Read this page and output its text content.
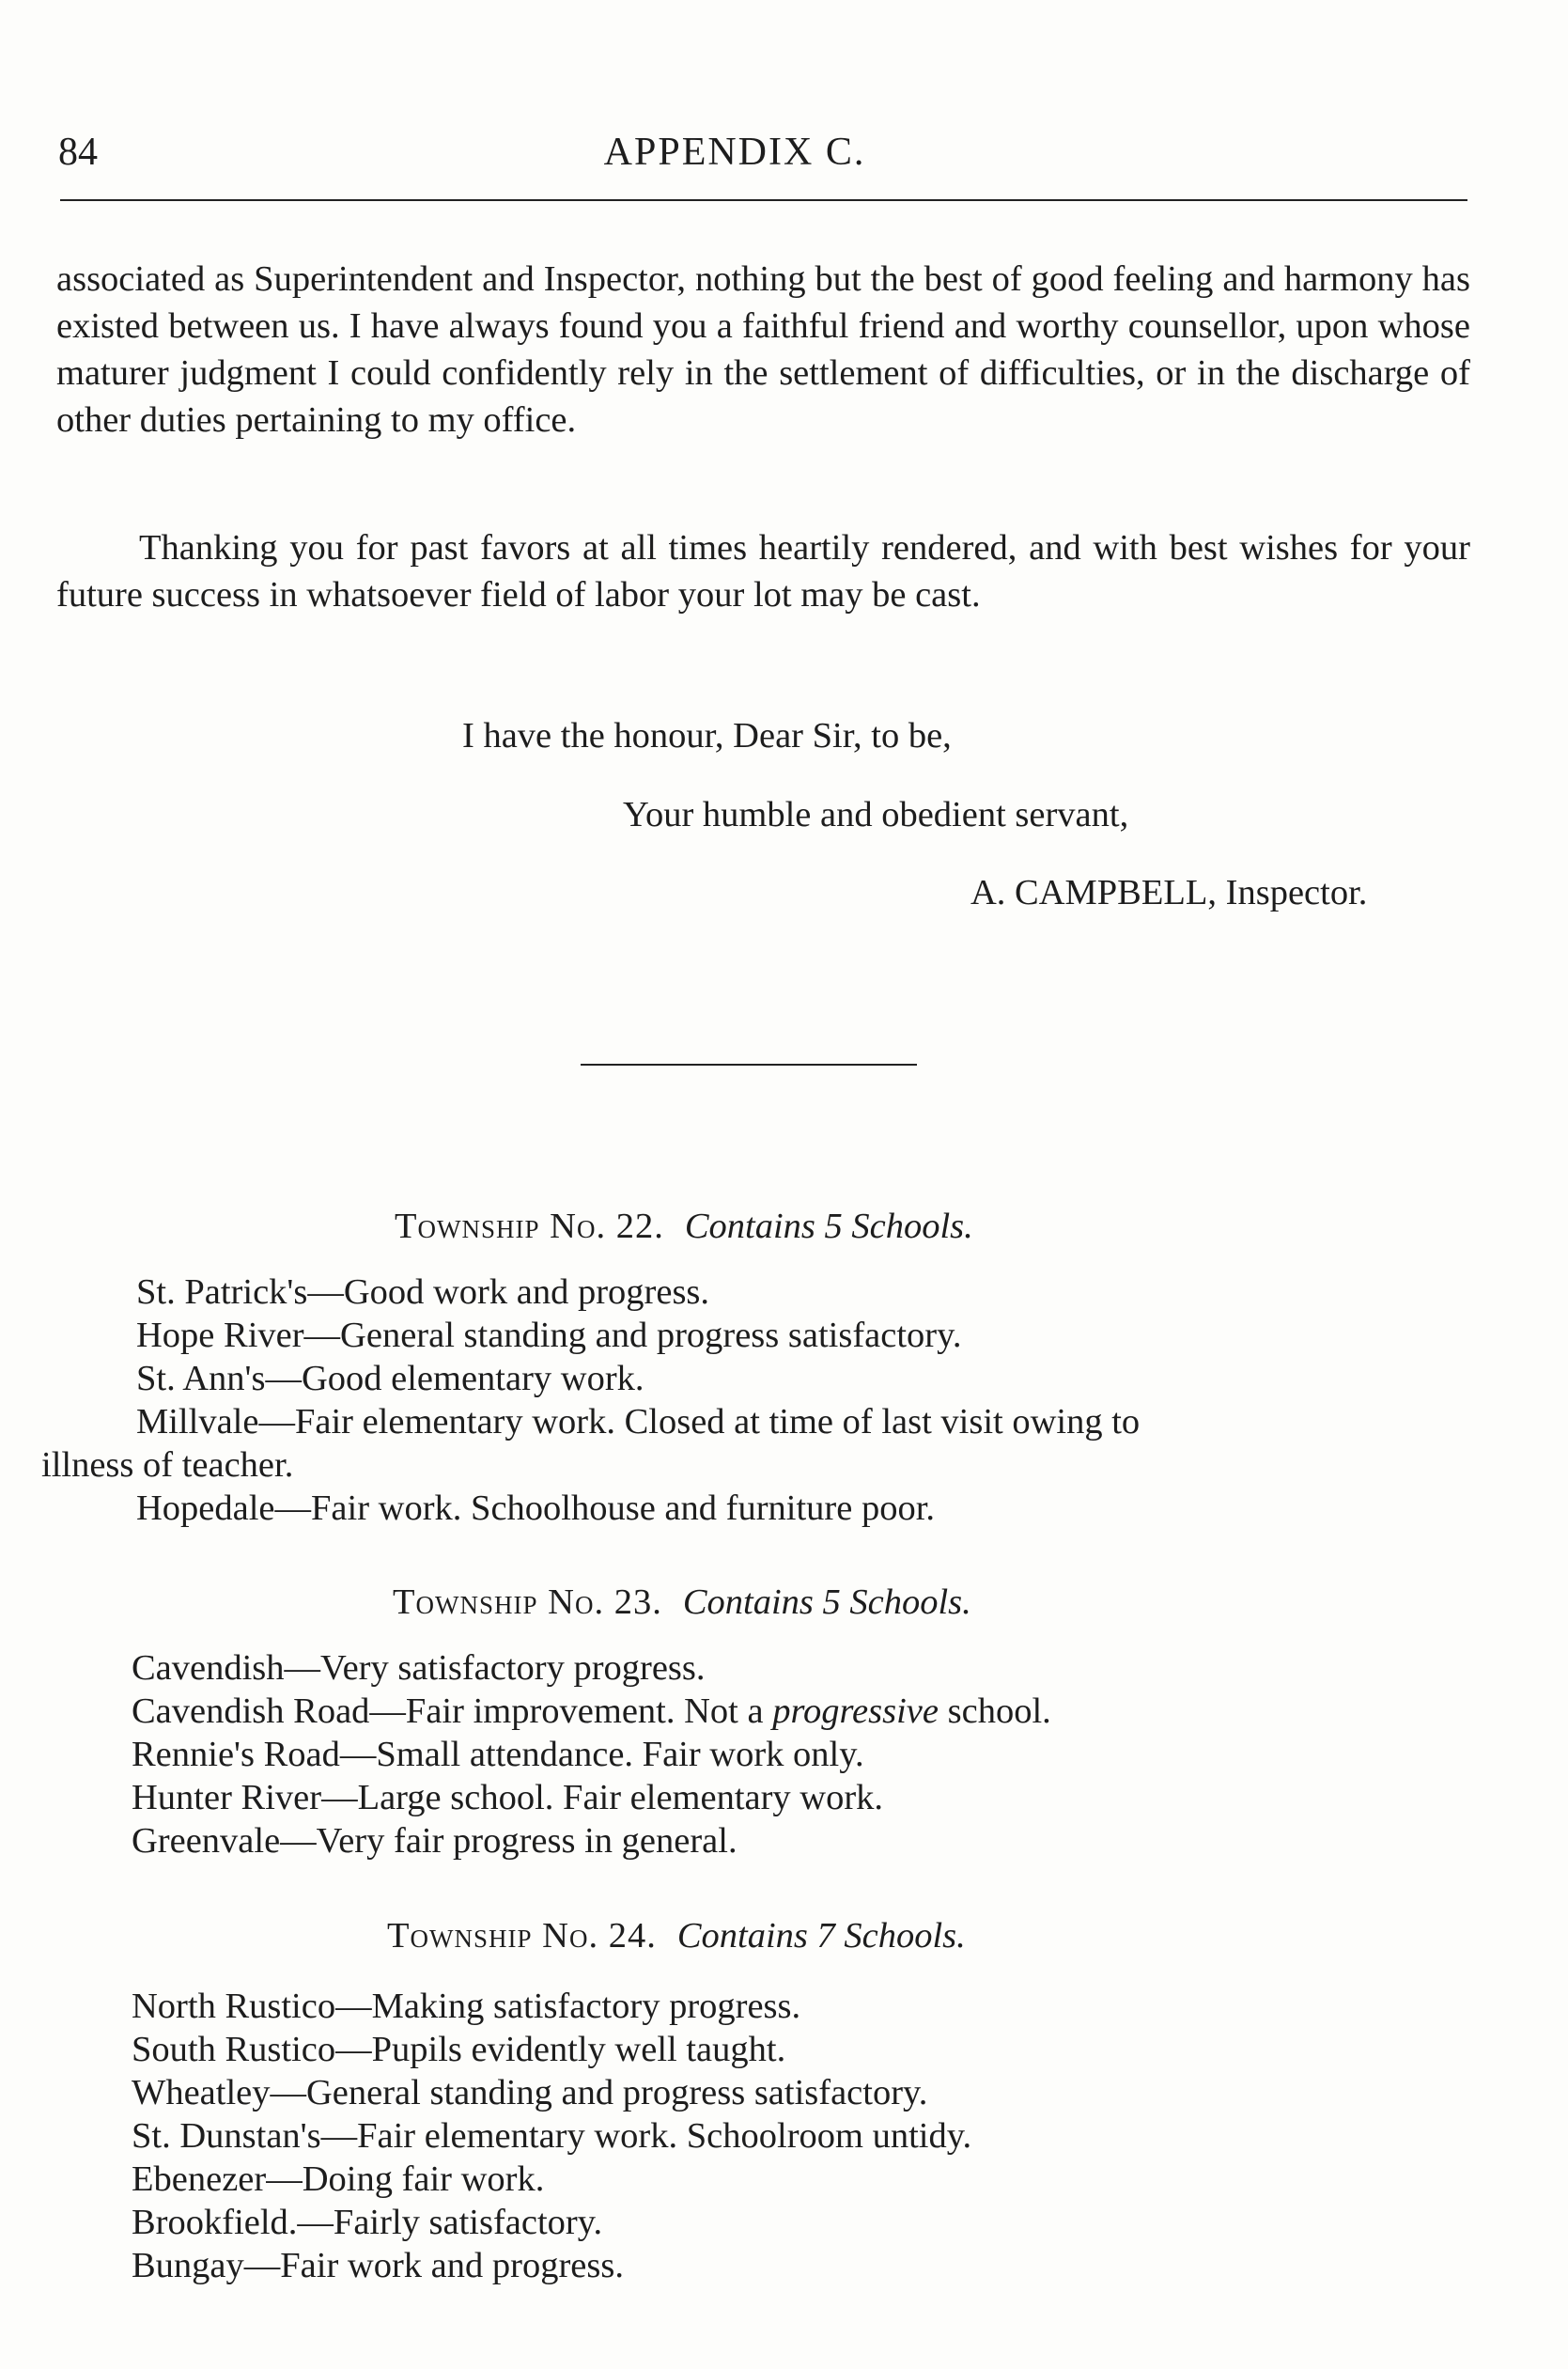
84	APPENDIX C.

associated as Superintendent and Inspector, nothing but the best of good feeling and harmony has existed between us. I have always found you a faithful friend and worthy counsellor, upon whose maturer judgment I could confidently rely in the settlement of difficulties, or in the discharge of other duties pertaining to my office.

Thanking you for past favors at all times heartily rendered, and with best wishes for your future success in whatsoever field of labor your lot may be cast.

I have the honour, Dear Sir, to be,
Your humble and obedient servant,
A. CAMPBELL, Inspector.
Township No. 22. Contains 5 Schools.
St. Patrick's—Good work and progress.
Hope River—General standing and progress satisfactory.
St. Ann's—Good elementary work.
Millvale—Fair elementary work. Closed at time of last visit owing to
illness of teacher.
Hopedale—Fair work. Schoolhouse and furniture poor.
Township No. 23. Contains 5 Schools.
Cavendish—Very satisfactory progress.
Cavendish Road—Fair improvement. Not a progressive school.
Rennie's Road—Small attendance. Fair work only.
Hunter River—Large school. Fair elementary work.
Greenvale—Very fair progress in general.
Township No. 24. Contains 7 Schools.
North Rustico—Making satisfactory progress.
South Rustico—Pupils evidently well taught.
Wheatley—General standing and progress satisfactory.
St. Dunstan's—Fair elementary work. Schoolroom untidy.
Ebenezer—Doing fair work.
Brookfield.—Fairly satisfactory.
Bungay—Fair work and progress.
